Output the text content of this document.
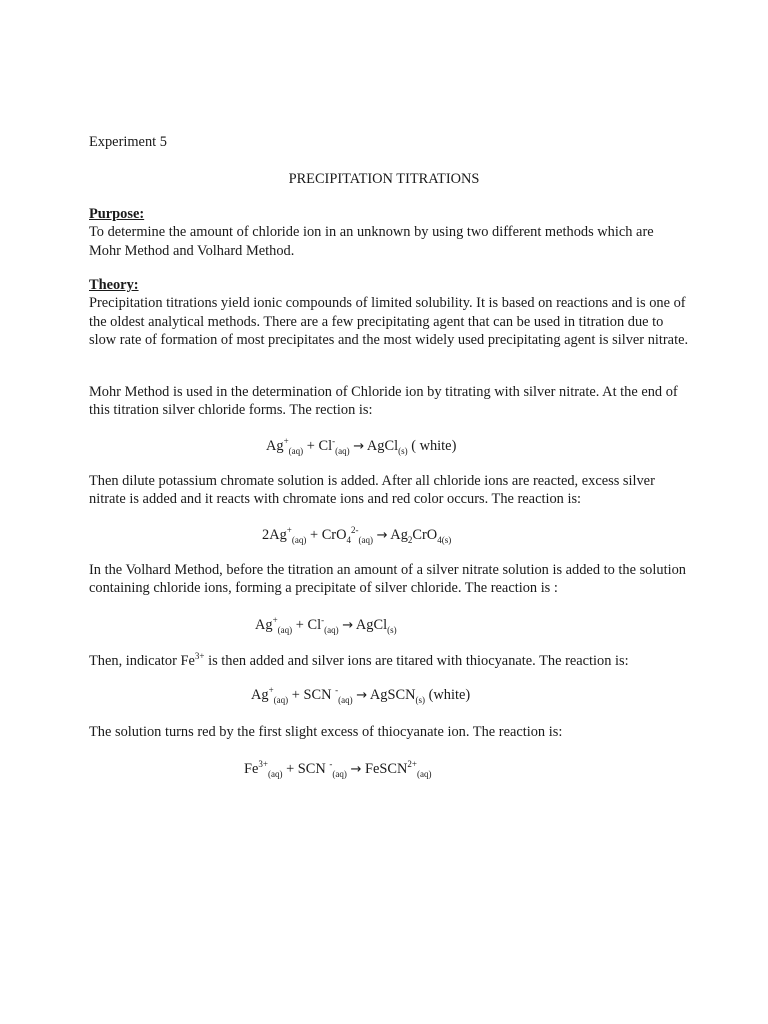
Experiment 5

PRECIPITATION TITRATIONS

Purpose:
To determine the amount of chloride ion in an unknown by using two different methods which are Mohr Method and Volhard Method.
Theory:
Precipitation titrations yield ionic compounds of limited solubility. It is based on reactions and is one of the oldest analytical methods. There are a few precipitating agent that can be used in titration due to slow rate of formation of most precipitates and the most widely used precipitating agent is silver nitrate.

Mohr Method is used in the determination of Chloride ion by titrating with silver nitrate. At the end of this titration silver chloride forms. The rection is:

$Ag^+_{(aq)} + Cl^-_{(aq)}$ → AgCl$_{(s)}$ ( white)

Then dilute potassium chromate solution is added. After all chloride ions are reacted, excess silver nitrate is added and it reacts with chromate ions and red color occurs. The reaction is:

$2Ag^+_{(aq)} + CrO_4^{2-}_{(aq)} \to Ag_2CrO_{4(s)}$

In the Volhard Method, before the titration an amount of a silver nitrate solution is added to the solution containing chloride ions, forming a precipitate of silver chloride. The reaction is :

$Ag^+_{(aq)} + Cl^-_{(aq)}$ → AgCl$_{(s)}$

Then, indicator $Fe^{3+}$ is then added and silver ions are titared with thiocyanate. The reaction is:

$Ag^+_{(aq)}$ + SCN -$_{(aq)}$ → AgSCN$_{(s)}$ (white)

The solution turns red by the first slight excess of thiocyanate ion. The reaction is:

$Fe^{3+}_{(aq)}$ + SCN -$_{(aq)}$ → FeSCN$^{2+}_{(aq)}$
